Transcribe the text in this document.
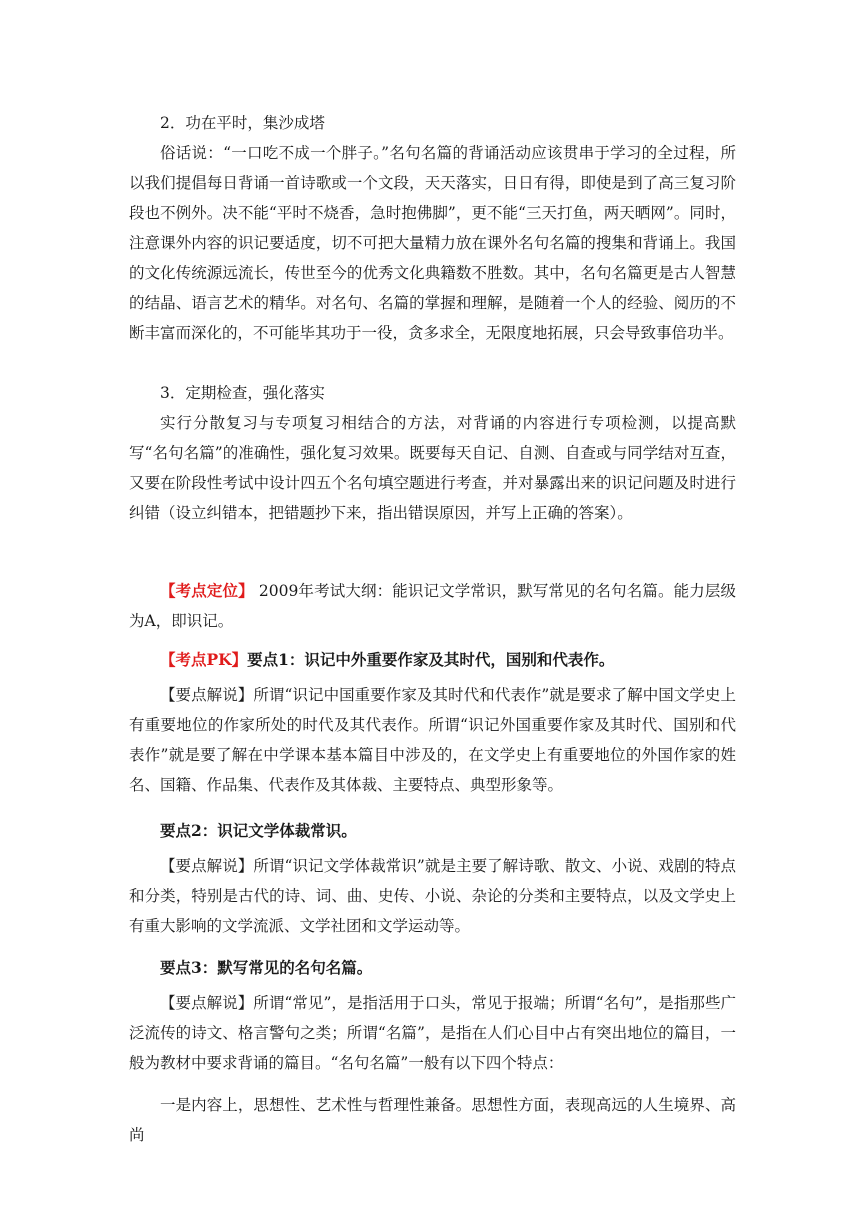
2．功在平时，集沙成塔
俗话说：“一口吃不成一个胖子。”名句名篇的背诵活动应该贯串于学习的全过程，所以我们提倡每日背诵一首诗歌或一个文段，天天落实，日日有得，即使是到了高三复习阶段也不例外。决不能“平时不烧香，急时抱佛脚”，更不能“三天打鱼，两天晒网”。同时，注意课外内容的识记要适度，切不可把大量精力放在课外名句名篇的搜集和背诵上。我国的文化传统源远流长，传世至今的优秀文化典籍数不胜数。其中，名句名篇更是古人智慧的结晶、语言艺术的精华。对名句、名篇的掌握和理解，是随着一个人的经验、阅历的不断丰富而深化的，不可能毕其功于一役，贪多求全，无限度地拓展，只会导致事倍功半。
3．定期检查，强化落实
实行分散复习与专项复习相结合的方法，对背诵的内容进行专项检测，以提高默写“名句名篇”的准确性，强化复习效果。既要每天自记、自测、自查或与同学结对互查，又要在阶段性考试中设计四五个名句填空题进行考查，并对暴露出来的识记问题及时进行纠错（设立纠错本，把错题抄下来，指出错误原因，并写上正确的答案）。
【考点定位】 2009年考试大纲：能识记文学常识，默写常见的名句名篇。能力层级为A，即识记。
【考点PK】要点1：识记中外重要作家及其时代，国别和代表作。
【要点解说】所谓“识记中国重要作家及其时代和代表作”就是要求了解中国文学史上有重要地位的作家所处的时代及其代表作。所谓“识记外国重要作家及其时代、国别和代表作”就是要了解在中学课本基本篇目中涉及的，在文学史上有重要地位的外国作家的姓名、国籍、作品集、代表作及其体裁、主要特点、典型形象等。
要点2：识记文学体裁常识。
【要点解说】所谓“识记文学体裁常识”就是主要了解诗歌、散文、小说、戏剧的特点和分类，特别是古代的诗、词、曲、史传、小说、杂论的分类和主要特点，以及文学史上有重大影响的文学流派、文学社团和文学运动等。
要点3：默写常见的名句名篇。
【要点解说】所谓“常见”，是指活用于口头，常见于报端；所谓“名句”，是指那些广泛流传的诗文、格言警句之类；所谓“名篇”，是指在人们心目中占有突出地位的篇目，一般为教材中要求背诵的篇目。“名句名篇”一般有以下四个特点：
一是内容上，思想性、艺术性与哲理性兼备。思想性方面，表现高远的人生境界、高尚
